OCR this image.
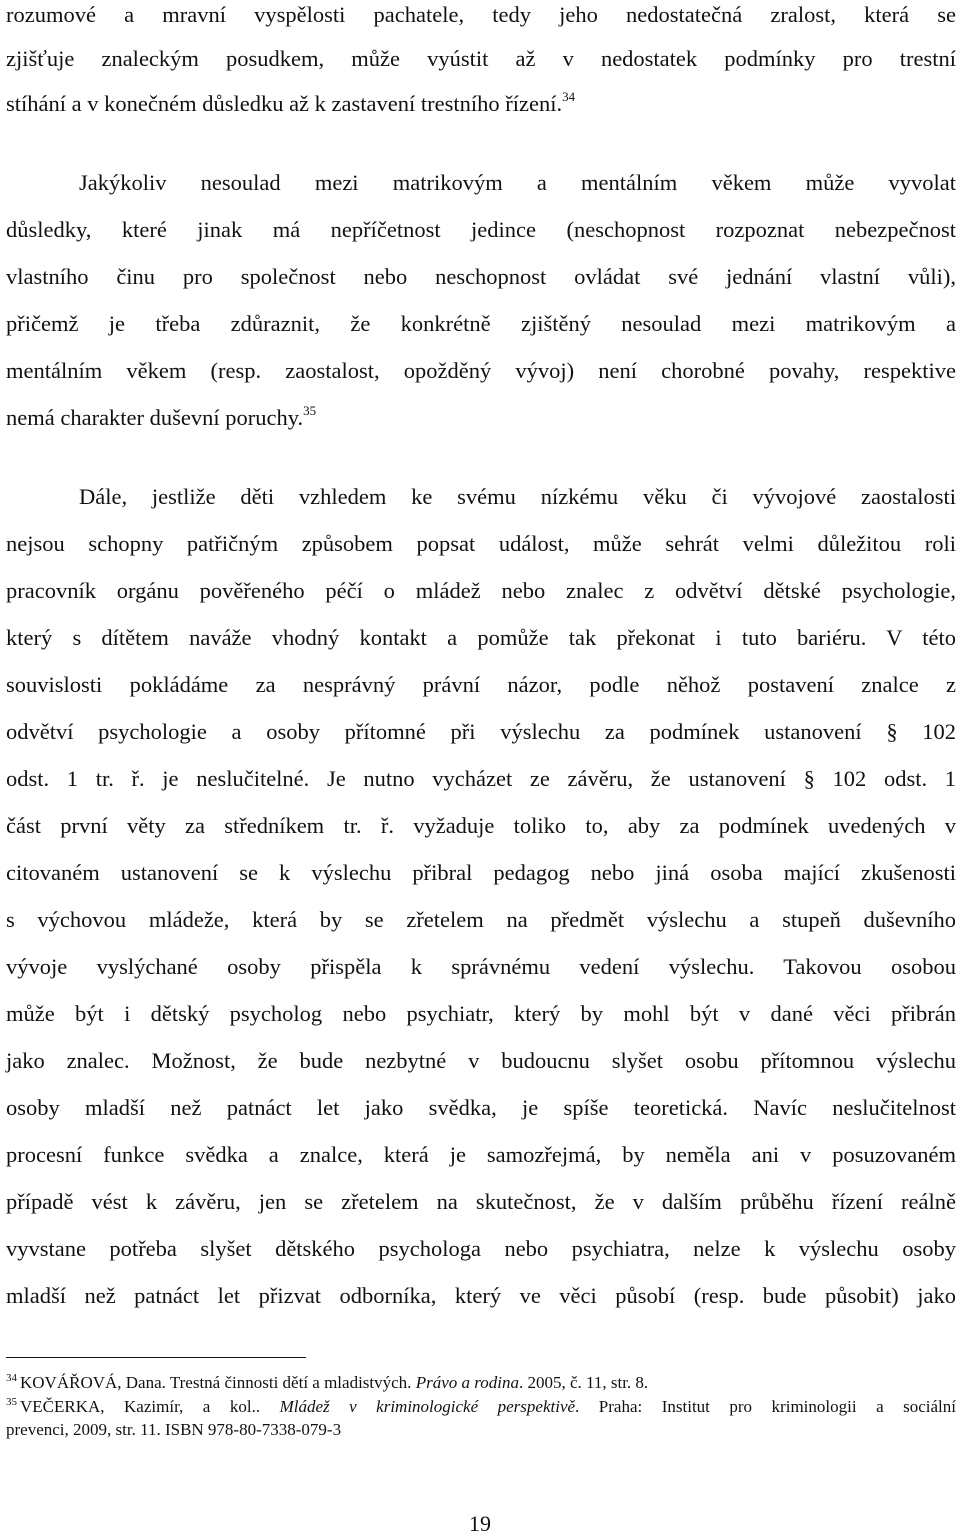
rozumové a mravní vyspělosti pachatele, tedy jeho nedostatečná zralost, která se
zjišťuje znaleckým posudkem, může vyústit až v nedostatek podmínky pro trestní
stíhání a v konečném důsledku až k zastavení trestního řízení.$^{34}$
Jakýkoliv nesoulad mezi matrikovým a mentálním věkem může vyvolat
důsledky, které jinak má nepříčetnost jedince (neschopnost rozpoznat nebezpečnost
vlastního činu pro společnost nebo neschopnost ovládat své jednání vlastní vůli),
přičemž je třeba zdůraznit, že konkrétně zjištěný nesoulad mezi matrikovým a
mentálním věkem (resp. zaostalost, opožděný vývoj) není chorobné povahy, respektive
nemá charakter duševní poruchy.$^{35}$
Dále, jestliže děti vzhledem ke svému nízkému věku či vývojové zaostalosti
nejsou schopny patřičným způsobem popsat událost, může sehrát velmi důležitou roli
pracovník orgánu pověřeného péčí o mládež nebo znalec z odvětví dětské psychologie,
který s dítětem naváže vhodný kontakt a pomůže tak překonat i tuto bariéru. V této
souvislosti pokládáme za nesprávný právní názor, podle něhož postavení znalce z
odvětví psychologie a osoby přítomné při výslechu za podmínek ustanovení § 102
odst. 1 tr. ř. je neslučitelné. Je nutno vycházet ze závěru, že ustanovení § 102 odst. 1
část první věty za středníkem tr. ř. vyžaduje toliko to, aby za podmínek uvedených v
citovaném ustanovení se k výslechu přibral pedagog nebo jiná osoba mající zkušenosti
s výchovou mládeže, která by se zřetelem na předmět výslechu a stupeň duševního
vývoje vyslýchané osoby přispěla k správnému vedení výslechu. Takovou osobou
může být i dětský psycholog nebo psychiatr, který by mohl být v dané věci přibrán
jako znalec. Možnost, že bude nezbytné v budoucnu slyšet osobu přítomnou výslechu
osoby mladší než patnáct let jako svědka, je spíše teoretická. Navíc neslučitelnost
procesní funkce svědka a znalce, která je samozřejmá, by neměla ani v posuzovaném
případě vést k závěru, jen se zřetelem na skutečnost, že v dalším průběhu řízení reálně
vyvstane potřeba slyšet dětského psychologa nebo psychiatra, nelze k výslechu osoby
mladší než patnáct let přizvat odborníka, který ve věci působí (resp. bude působit) jako
$^{34}$ KOVÁŘOVÁ, Dana. Trestná činnosti dětí a mladistvých. Právo a rodina. 2005, č. 11, str. 8.
$^{35}$ VEČERKA, Kazimír, a kol.. Mládež v kriminologické perspektivě. Praha: Institut pro kriminologii a sociální
prevenci, 2009, str. 11. ISBN 978-80-7338-079-3
19
